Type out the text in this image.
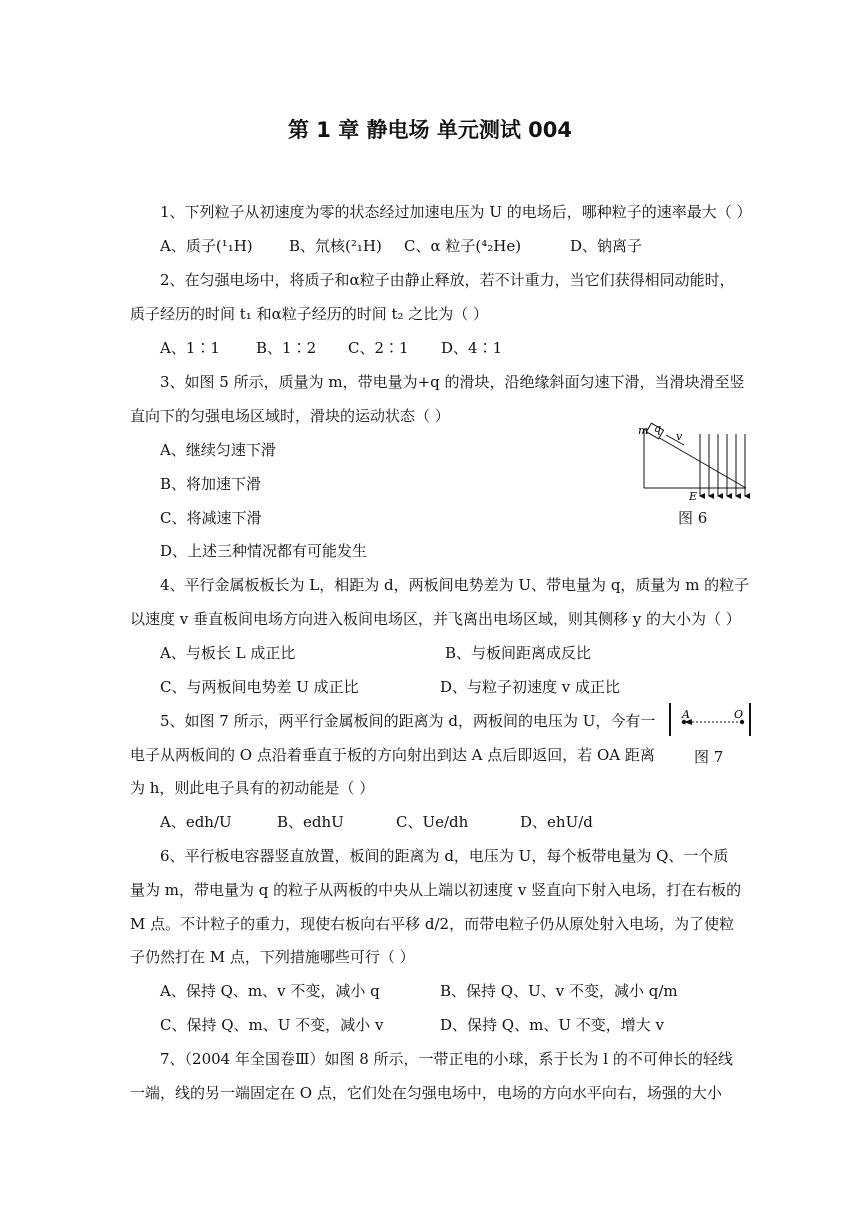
第 1 章 静电场 单元测试 004
1、下列粒子从初速度为零的状态经过加速电压为 U 的电场后，哪种粒子的速率最大（ ）
A、质子(¹₁H) B、氘核(²₁H) C、α 粒子(⁴₂He)	D、钠离子
2、在匀强电场中，将质子和α粒子由静止释放，若不计重力，当它们获得相同动能时，
质子经历的时间 t₁ 和α粒子经历的时间 t₂ 之比为（ ）
A、1∶1 B、1∶2 C、2∶1 D、4∶1
3、如图 5 所示，质量为 m，带电量为+q 的滑块，沿绝缘斜面匀速下滑，当滑块滑至竖
直向下的匀强电场区域时，滑块的运动状态（ ）
A、继续匀速下滑
B、将加速下滑
C、将减速下滑
D、上述三种情况都有可能发生
m q
v
E
图 6
4、平行金属板板长为 L，相距为 d，两板间电势差为 U、带电量为 q，质量为 m 的粒子
以速度 v 垂直板间电场方向进入板间电场区，并飞离出电场区域，则其侧移 y 的大小为（ ）
A、与板长 L 成正比	B、与板间距离成反比
C、与两板间电势差 U 成正比	D、与粒子初速度 v 成正比
5、如图 7 所示，两平行金属板间的距离为 d，两板间的电压为 U，今有一
电子从两板间的 O 点沿着垂直于板的方向射出到达 A 点后即返回，若 OA 距离
为 h，则此电子具有的初动能是（ ）
A、edh/U	B、edhU	C、Ue/dh	D、ehU/d
A	O
图 7
6、平行板电容器竖直放置，板间的距离为 d，电压为 U，每个板带电量为 Q、一个质
量为 m，带电量为 q 的粒子从两板的中央从上端以初速度 v 竖直向下射入电场，打在右板的
M 点。不计粒子的重力，现使右板向右平移 d/2，而带电粒子仍从原处射入电场，为了使粒
子仍然打在 M 点，下列措施哪些可行（ ）
A、保持 Q、m、v 不变，减小 q	B、保持 Q、U、v 不变，减小 q/m
C、保持 Q、m、U 不变，减小 v	D、保持 Q、m、U 不变，增大 v
7、（2004 年全国卷Ⅲ）如图 8 所示，一带正电的小球，系于长为 l 的不可伸长的轻线
一端，线的另一端固定在 O 点，它们处在匀强电场中，电场的方向水平向右，场强的大小
